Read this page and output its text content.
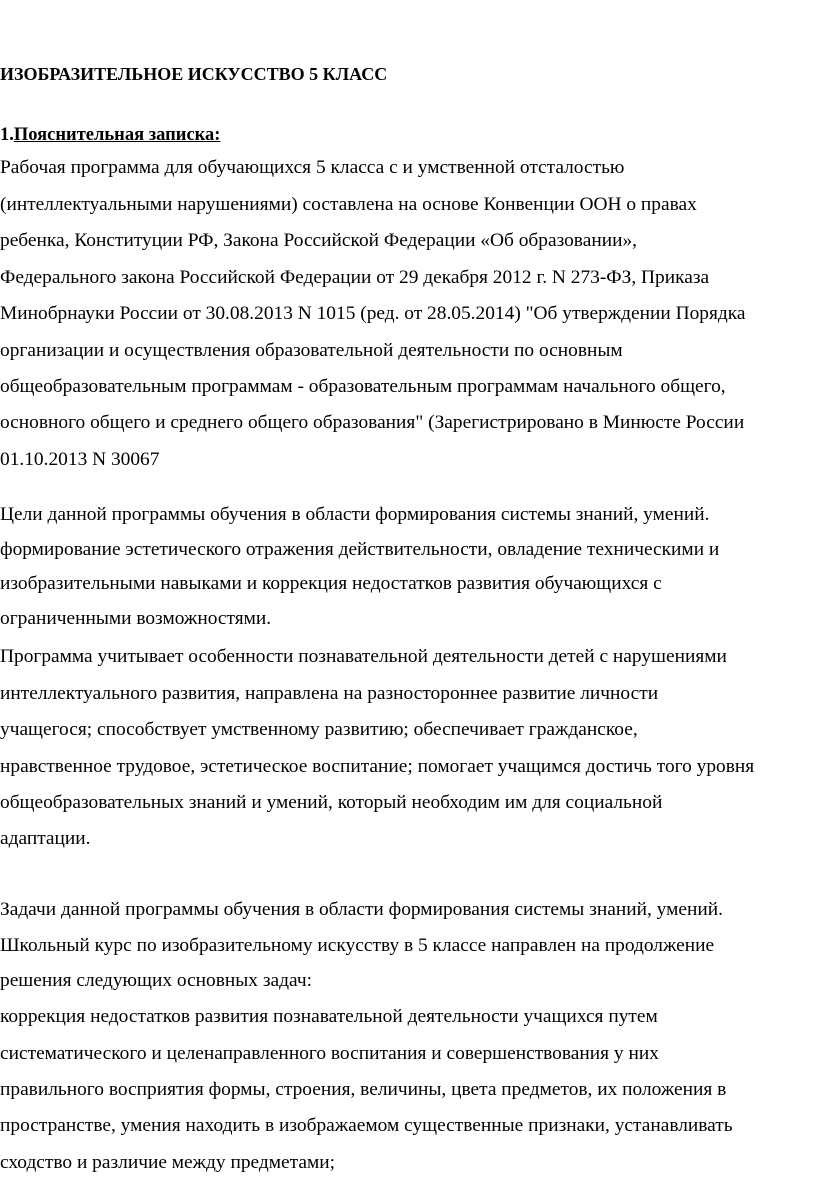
ИЗОБРАЗИТЕЛЬНОЕ ИСКУССТВО 5 КЛАСС
1.Пояснительная записка:
Рабочая программа для обучающихся 5 класса с и умственной отсталостью
(интеллектуальными нарушениями) составлена на основе Конвенции ООН о правах
ребенка, Конституции РФ, Закона Российской Федерации «Об образовании»,
Федерального закона Российской Федерации от 29 декабря 2012 г. N 273-ФЗ, Приказа
Минобрнауки России от 30.08.2013 N 1015 (ред. от 28.05.2014) "Об утверждении Порядка
организации и осуществления образовательной деятельности по основным
общеобразовательным программам - образовательным программам начального общего,
основного общего и среднего общего образования" (Зарегистрировано в Минюсте России
01.10.2013 N 30067
Цели данной программы обучения в области формирования системы знаний, умений.
формирование эстетического отражения действительности, овладение техническими и
изобразительными навыками и коррекция недостатков развития обучающихся с
ограниченными возможностями.
Программа учитывает особенности познавательной деятельности детей с нарушениями
интеллектуального развития, направлена на разностороннее развитие личности
учащегося; способствует умственному развитию; обеспечивает гражданское,
нравственное трудовое, эстетическое воспитание; помогает учащимся достичь того уровня
общеобразовательных знаний и умений, который необходим им для социальной
адаптации.
Задачи данной программы обучения в области формирования системы знаний, умений.
Школьный курс по изобразительному искусству в 5 классе направлен на продолжение
решения следующих основных задач:
коррекция недостатков развития познавательной деятельности учащихся путем
систематического и целенаправленного воспитания и совершенствования у них
правильного восприятия формы, строения, величины, цвета предметов, их положения в
пространстве, умения находить в изображаемом существенные признаки, устанавливать
сходство и различие между предметами;
